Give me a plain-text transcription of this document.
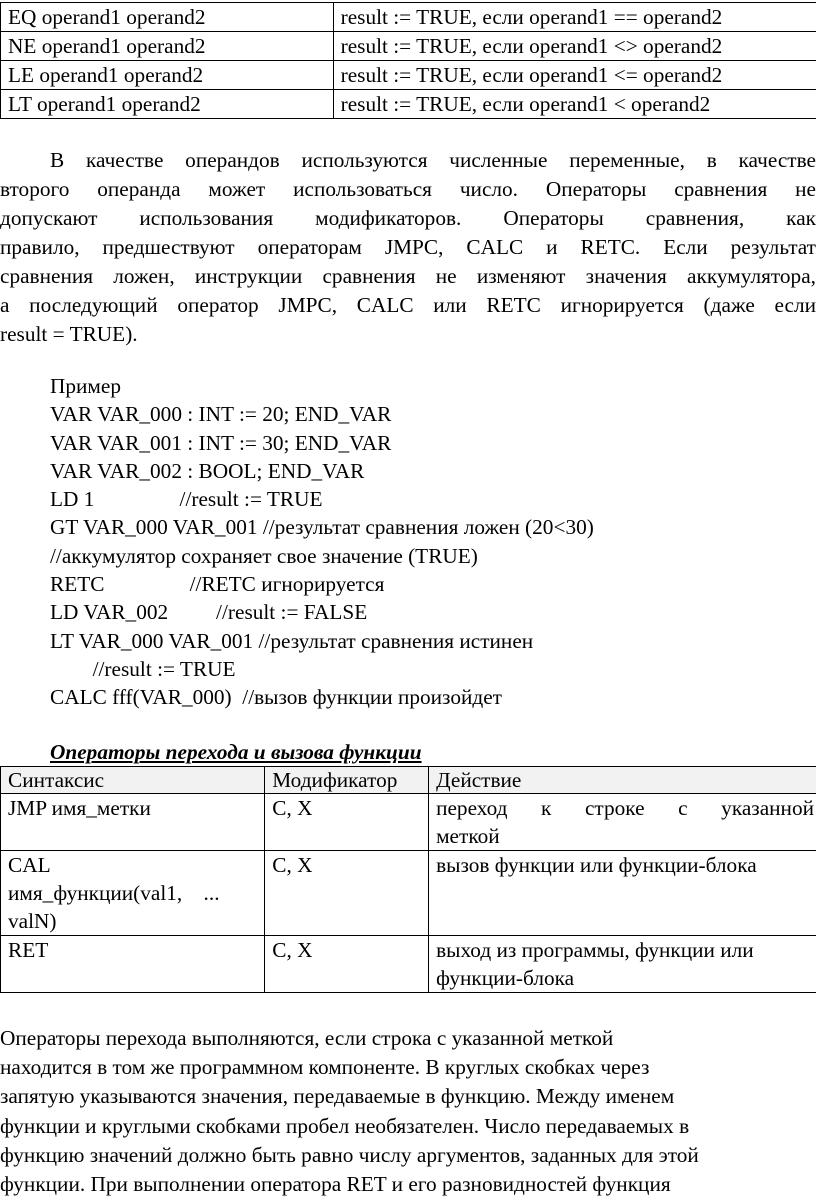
EQ operand1 operand2	result := TRUE, если operand1 == operand2
NE operand1 operand2	result := TRUE, если operand1 <> operand2
LE operand1 operand2	result := TRUE, если operand1 <= operand2
LT operand1 operand2	result := TRUE, если operand1 < operand2
В качестве операндов используются численные переменные, в качестве
второго операнда может использоваться число. Операторы сравнения не
допускают использования модификаторов. Операторы сравнения, как
правило, предшествуют операторам JMPC, CALC и RETC. Если результат
сравнения ложен, инструкции сравнения не изменяют значения аккумулятора,
а последующий оператор JMPC, CALC или RETC игнорируется (даже если
result = TRUE).
Пример
VAR VAR_000 : INT := 20; END_VAR
VAR VAR_001 : INT := 30; END_VAR
VAR VAR_002 : BOOL; END_VAR
LD 1                //result := TRUE
GT VAR_000 VAR_001 //результат сравнения ложен (20<30)
//аккумулятор сохраняет свое значение (TRUE)
RETC                //RETC игнорируется
LD VAR_002         //result := FALSE
LT VAR_000 VAR_001 //результат сравнения истинен
//result := TRUE
CALC fff(VAR_000)  //вызов функции произойдет
Операторы перехода и вызова функции
Синтаксис	Модификатор	Действие
JMP имя_метки	C, X	переход к строке с указанной
меткой

CAL
имя_функции(val1,    ...
valN)	C, X	вызов функции или функции-блока

RET	C, X	выход из программы, функции или
функции-блока
Операторы перехода выполняются, если строка с указанной меткой
находится в том же программном компоненте. В круглых скобках через
запятую указываются значения, передаваемые в функцию. Между именем
функции и круглыми скобками пробел необязателен. Число передаваемых в
функцию значений должно быть равно числу аргументов, заданных для этой
функции. При выполнении оператора RET и его разновидностей функция
